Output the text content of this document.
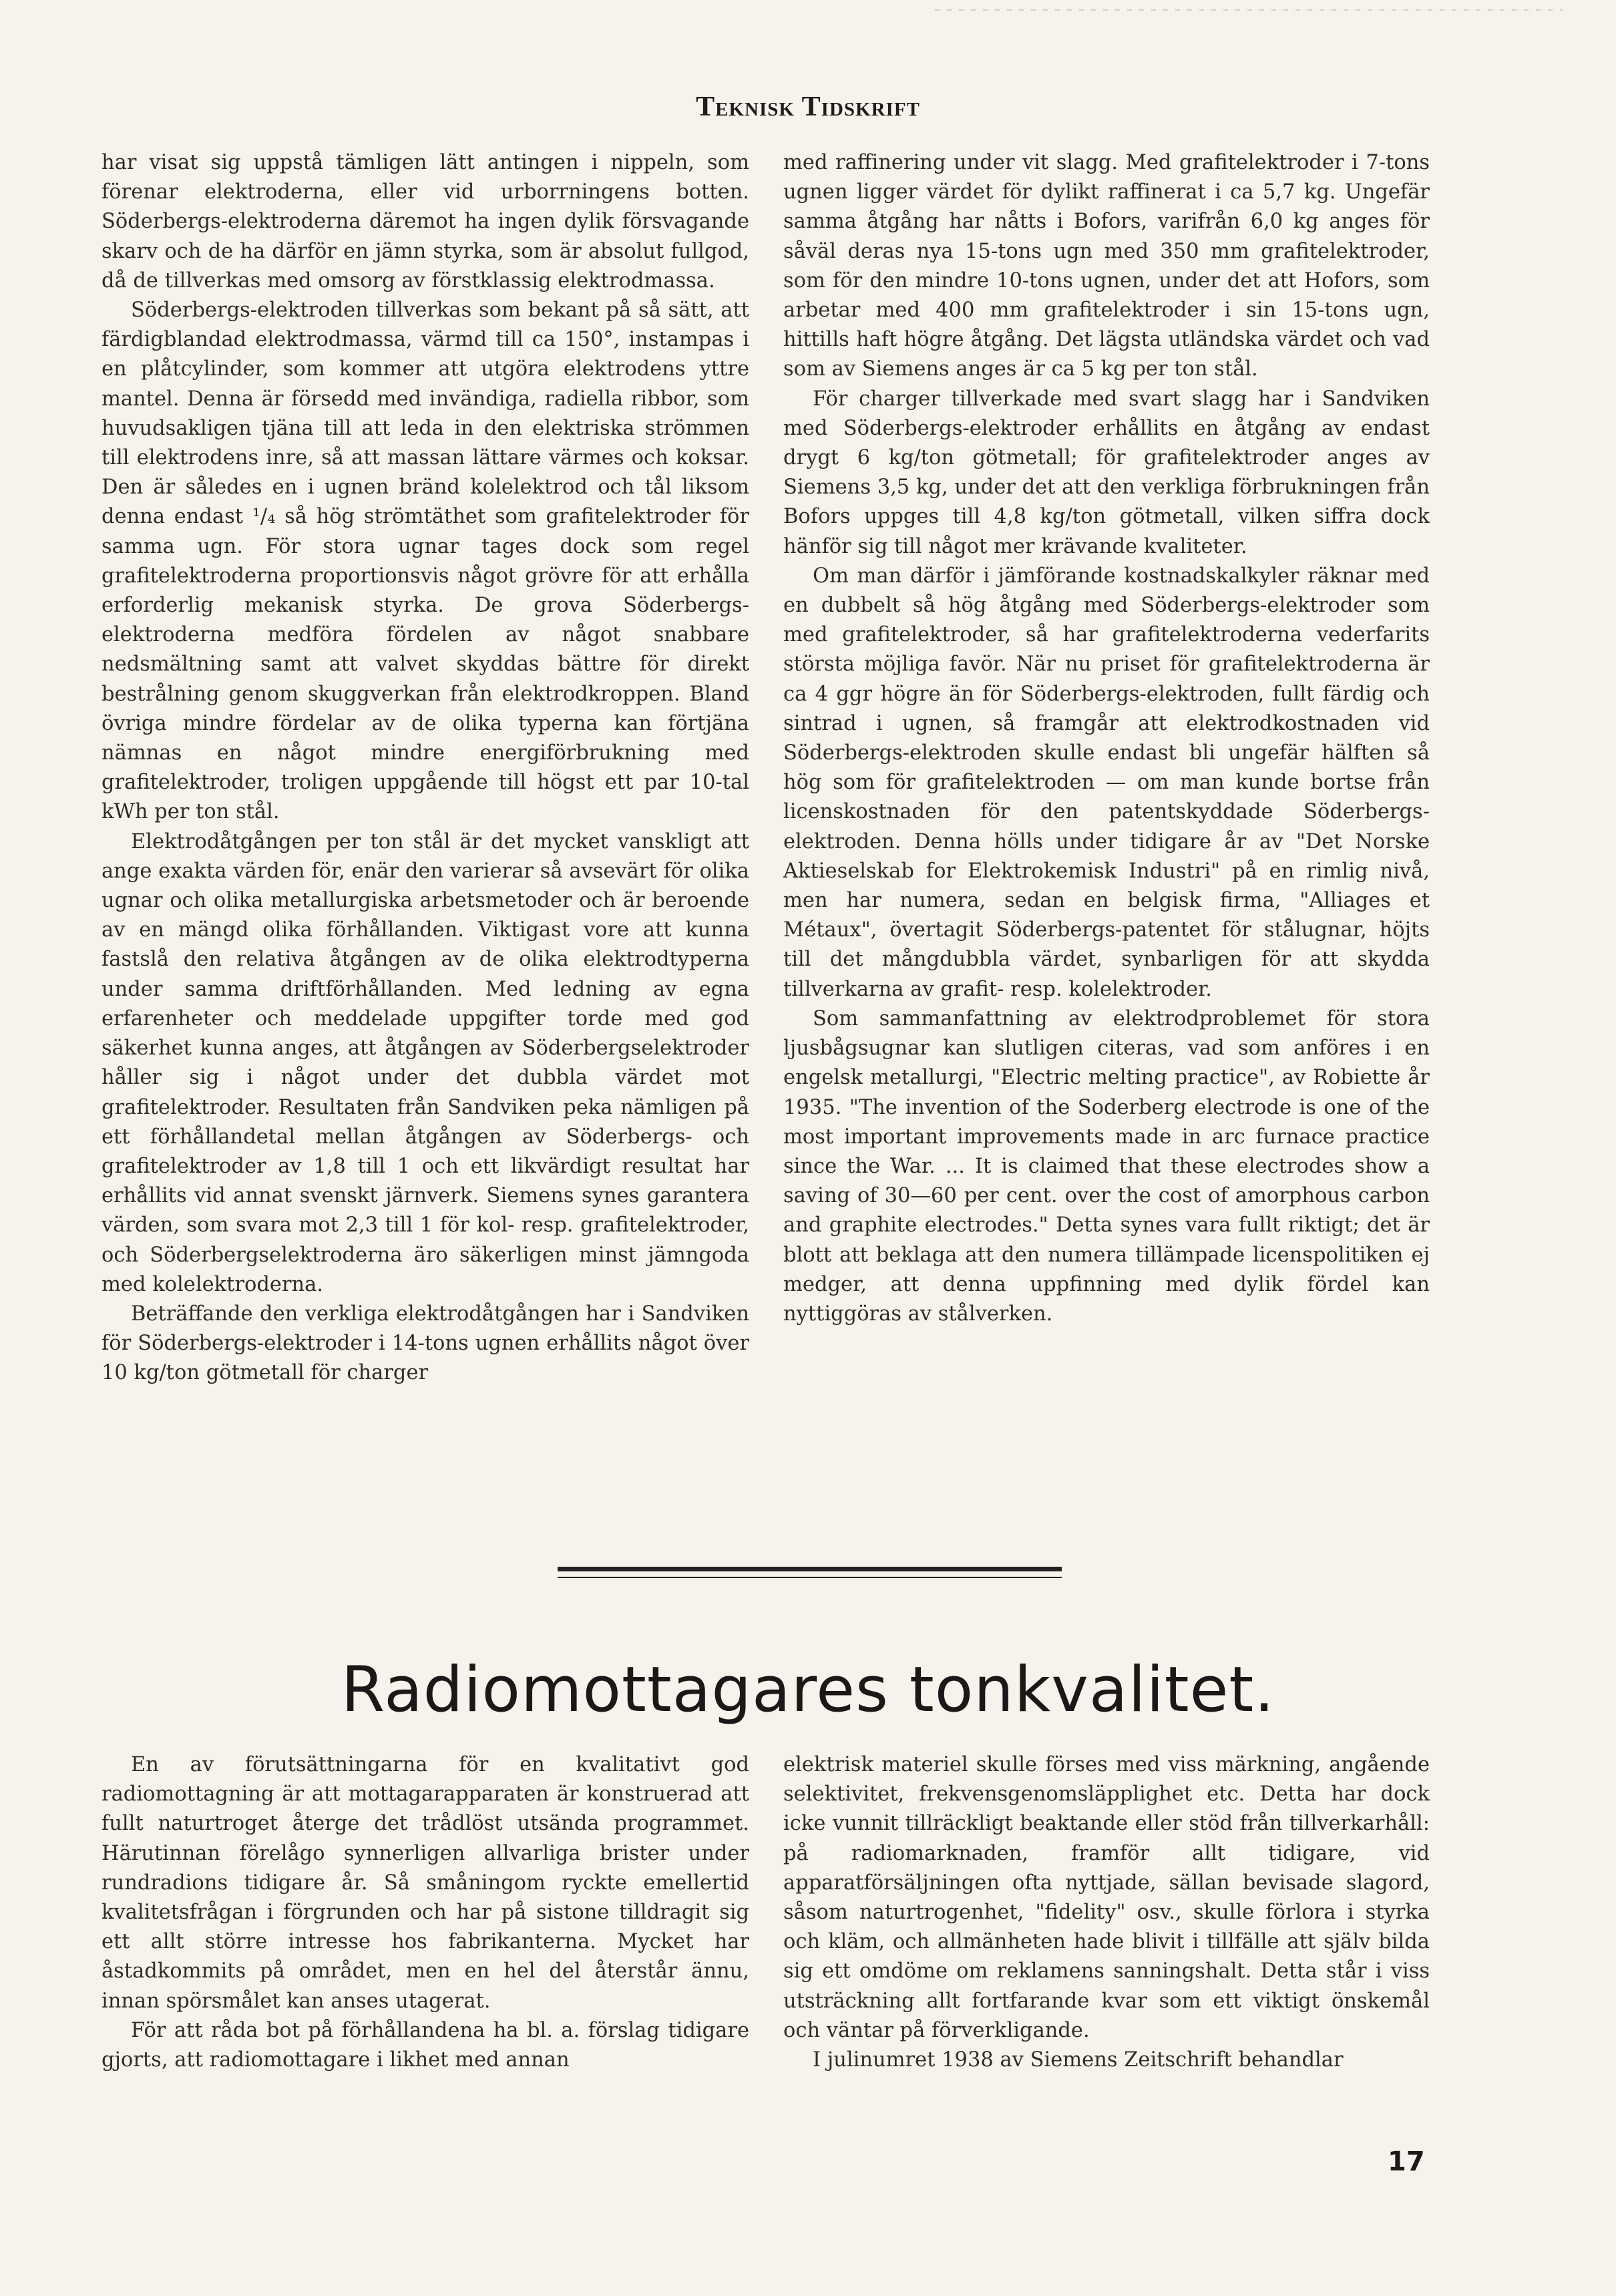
Teknisk Tidskrift

har visat sig uppstå tämligen lätt antingen i nippeln, som förenar elektroderna, eller vid urborrningens botten. Söderbergs-elektroderna däremot ha ingen dylik försvagande skarv och de ha därför en jämn styrka, som är absolut fullgod, då de tillverkas med omsorg av förstklassig elektrodmassa.

Söderbergs-elektroden tillverkas som bekant på så sätt, att färdigblandad elektrodmassa, värmd till ca 150°, instampas i en plåtcylinder, som kommer att utgöra elektrodens yttre mantel. Denna är försedd med invändiga, radiella ribbor, som huvudsakligen tjäna till att leda in den elektriska strömmen till elektrodens inre, så att massan lättare värmes och koksar. Den är således en i ugnen bränd kolelektrod och tål liksom denna endast ¹/₄ så hög strömtäthet som grafitelektroder för samma ugn. För stora ugnar tages dock som regel grafitelektroderna proportionsvis något grövre för att erhålla erforderlig mekanisk styrka. De grova Söderbergs-elektroderna medföra fördelen av något snabbare nedsmältning samt att valvet skyddas bättre för direkt bestrålning genom skuggverkan från elektrodkroppen. Bland övriga mindre fördelar av de olika typerna kan förtjäna nämnas en något mindre energiförbrukning med grafitelektroder, troligen uppgående till högst ett par 10-tal kWh per ton stål.

Elektrodåtgången per ton stål är det mycket vanskligt att ange exakta värden för, enär den varierar så avsevärt för olika ugnar och olika metallurgiska arbetsmetoder och är beroende av en mängd olika förhållanden. Viktigast vore att kunna fastslå den relativa åtgången av de olika elektrodtyperna under samma driftförhållanden. Med ledning av egna erfarenheter och meddelade uppgifter torde med god säkerhet kunna anges, att åtgången av Söderbergselektroder håller sig i något under det dubbla värdet mot grafitelektroder. Resultaten från Sandviken peka nämligen på ett förhållandetal mellan åtgången av Söderbergs- och grafitelektroder av 1,8 till 1 och ett likvärdigt resultat har erhållits vid annat svenskt järnverk. Siemens synes garantera värden, som svara mot 2,3 till 1 för kol- resp. grafitelektroder, och Söderbergselektroderna äro säkerligen minst jämngoda med kolelektroderna.

Beträffande den verkliga elektrodåtgången har i Sandviken för Söderbergs-elektroder i 14-tons ugnen erhållits något över 10 kg/ton götmetall för charger

med raffinering under vit slagg. Med grafitelektroder i 7-tons ugnen ligger värdet för dylikt raffinerat i ca 5,7 kg. Ungefär samma åtgång har nåtts i Bofors, varifrån 6,0 kg anges för såväl deras nya 15-tons ugn med 350 mm grafitelektroder, som för den mindre 10-tons ugnen, under det att Hofors, som arbetar med 400 mm grafitelektroder i sin 15-tons ugn, hittills haft högre åtgång. Det lägsta utländska värdet och vad som av Siemens anges är ca 5 kg per ton stål.

För charger tillverkade med svart slagg har i Sandviken med Söderbergs-elektroder erhållits en åtgång av endast drygt 6 kg/ton götmetall; för grafitelektroder anges av Siemens 3,5 kg, under det att den verkliga förbrukningen från Bofors uppges till 4,8 kg/ton götmetall, vilken siffra dock hänför sig till något mer krävande kvaliteter.

Om man därför i jämförande kostnadskalkyler räknar med en dubbelt så hög åtgång med Söderbergs-elektroder som med grafitelektroder, så har grafitelektroderna vederfarits största möjliga favör. När nu priset för grafitelektroderna är ca 4 ggr högre än för Söderbergs-elektroden, fullt färdig och sintrad i ugnen, så framgår att elektrodkostnaden vid Söderbergs-elektroden skulle endast bli ungefär hälften så hög som för grafitelektroden — om man kunde bortse från licenskostnaden för den patentskyddade Söderbergs-elektroden. Denna hölls under tidigare år av "Det Norske Aktieselskab for Elektrokemisk Industri" på en rimlig nivå, men har numera, sedan en belgisk firma, "Alliages et Métaux", övertagit Söderbergs-patentet för stålugnar, höjts till det mångdubbla värdet, synbarligen för att skydda tillverkarna av grafit- resp. kolelektroder.

Som sammanfattning av elektrodproblemet för stora ljusbågsugnar kan slutligen citeras, vad som anföres i en engelsk metallurgi, "Electric melting practice", av Robiette år 1935. "The invention of the Soderberg electrode is one of the most important improvements made in arc furnace practice since the War. ... It is claimed that these electrodes show a saving of 30—60 per cent. over the cost of amorphous carbon and graphite electrodes." Detta synes vara fullt riktigt; det är blott att beklaga att den numera tillämpade licenspolitiken ej medger, att denna uppfinning med dylik fördel kan nyttiggöras av stålverken.

Radiomottagares tonkvalitet.

En av förutsättningarna för en kvalitativt god radiomottagning är att mottagarapparaten är konstruerad att fullt naturtroget återge det trådlöst utsända programmet. Härutinnan förelågo synnerligen allvarliga brister under rundradions tidigare år. Så småningom ryckte emellertid kvalitetsfrågan i förgrunden och har på sistone tilldragit sig ett allt större intresse hos fabrikanterna. Mycket har åstadkommits på området, men en hel del återstår ännu, innan spörsmålet kan anses utagerat.

För att råda bot på förhållandena ha bl. a. förslag tidigare gjorts, att radiomottagare i likhet med annan

elektrisk materiel skulle förses med viss märkning, angående selektivitet, frekvensgenomsläpplighet etc. Detta har dock icke vunnit tillräckligt beaktande eller stöd från tillverkarhåll: på radiomarknaden, framför allt tidigare, vid apparatförsäljningen ofta nyttjade, sällan bevisade slagord, såsom naturtrogenhet, "fidelity" osv., skulle förlora i styrka och kläm, och allmänheten hade blivit i tillfälle att själv bilda sig ett omdöme om reklamens sanningshalt. Detta står i viss utsträckning allt fortfarande kvar som ett viktigt önskemål och väntar på förverkligande.

I julinumret 1938 av Siemens Zeitschrift behandlar

17
